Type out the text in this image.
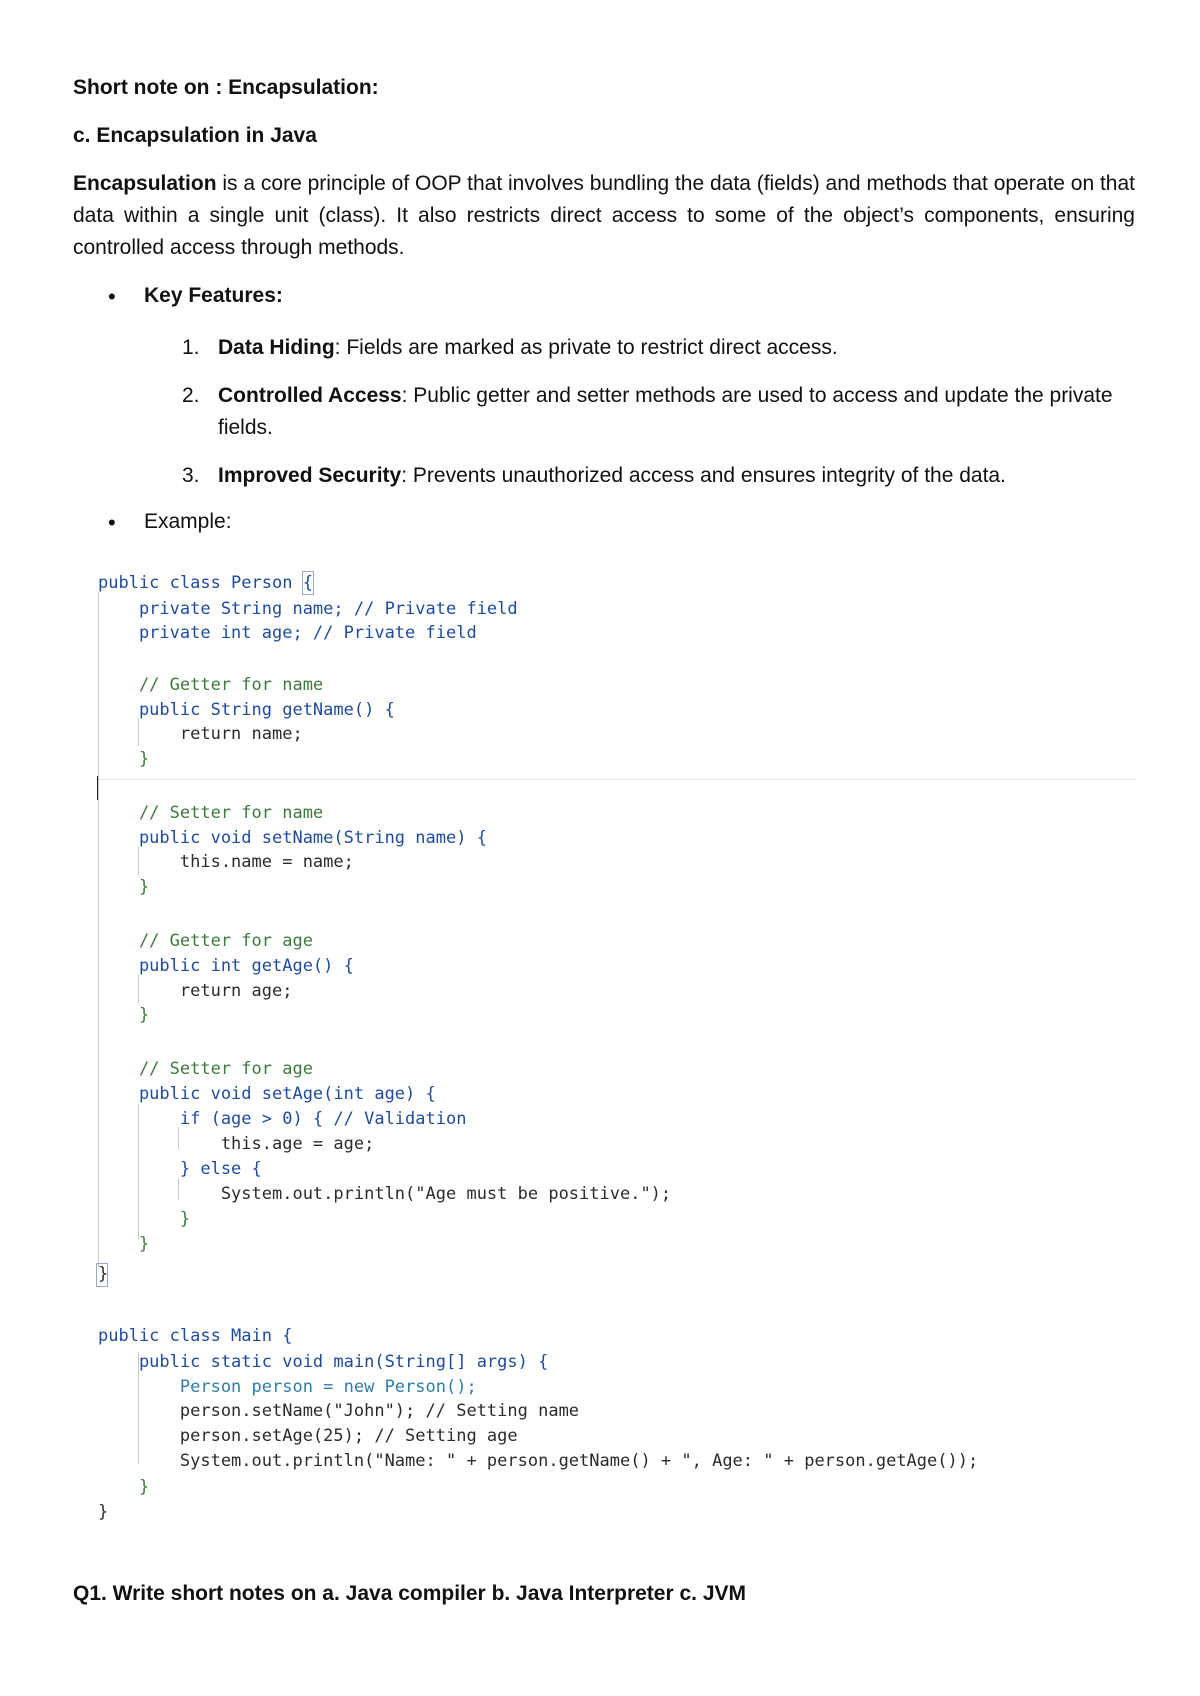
Short note on : Encapsulation:
c. Encapsulation in Java
Encapsulation is a core principle of OOP that involves bundling the data (fields) and methods that operate on that data within a single unit (class). It also restricts direct access to some of the object’s components, ensuring controlled access through methods.
• Key Features:
1. Data Hiding: Fields are marked as private to restrict direct access.
2. Controlled Access: Public getter and setter methods are used to access and update the private fields.
3. Improved Security: Prevents unauthorized access and ensures integrity of the data.
• Example:
public class Person {
private String name; // Private field
private int age; // Private field
// Getter for name
public String getName() {
return name;
}
// Setter for name
public void setName(String name) {
this.name = name;
}
// Getter for age
public int getAge() {
return age;
}
// Setter for age
public void setAge(int age) {
if (age > 0) { // Validation
this.age = age;
} else {
System.out.println("Age must be positive.");
}
}
}
public class Main {
public static void main(String[] args) {
Person person = new Person();
person.setName("John"); // Setting name
person.setAge(25); // Setting age
System.out.println("Name: " + person.getName() + ", Age: " + person.getAge());
}
}
Q1. Write short notes on a. Java compiler b. Java Interpreter c. JVM
